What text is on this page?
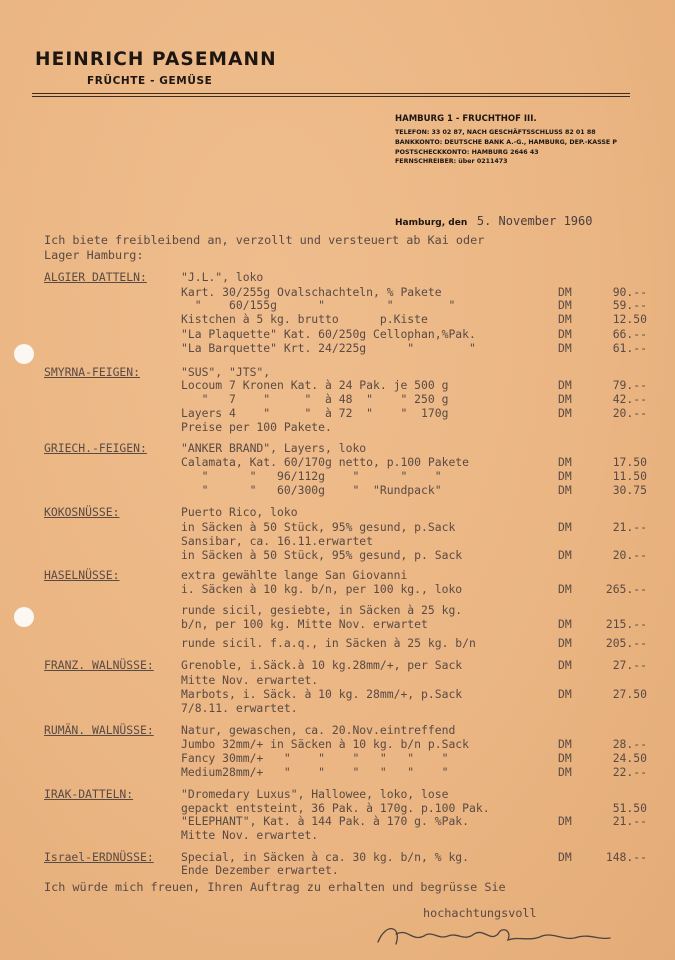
HEINRICH PASEMANN
FRÜCHTE - GEMÜSE
HAMBURG 1 - FRUCHTHOF III.
TELEFON: 33 02 87, NACH GESCHÄFTSSCHLUSS 82 01 88
BANKKONTO: DEUTSCHE BANK A.-G., HAMBURG, DEP.-KASSE P
POSTSCHECKKONTO: HAMBURG 2646 43
FERNSCHREIBER: über 0211473
Hamburg, den 5. November 1960
Ich biete freibleibend an, verzollt und versteuert ab Kai oder
Lager Hamburg:
ALGIER DATTELN:	"J.L.", loko
Kart. 30/255g Ovalschachteln, % Pakete	DM	90.--
"    60/155g      "         "        "	DM	59.--
Kistchen à 5 kg. brutto      p.Kiste	DM	12.50
"La Plaquette" Kat. 60/250g Cellophan,%Pak.	DM	66.--
"La Barquette" Krt. 24/225g      "        "	DM	61.--
SMYRNA-FEIGEN:	"SUS", "JTS",
Locoum 7 Kronen Kat. à 24 Pak. je 500 g	DM	79.--
"   7    "     "  à 48  "    " 250 g	DM	42.--
Layers 4    "     "  à 72  "    "  170g	DM	20.--
Preise per 100 Pakete.
GRIECH.-FEIGEN:	"ANKER BRAND", Layers, loko
Calamata, Kat. 60/170g netto, p.100 Pakete	DM	17.50
"      "   96/112g    "      "    "	DM	11.50
"      "   60/300g    "  "Rundpack"	DM	30.75
KOKOSNÜSSE:	Puerto Rico, loko
in Säcken à 50 Stück, 95% gesund, p.Sack	DM	21.--
Sansibar, ca. 16.11.erwartet
in Säcken à 50 Stück, 95% gesund, p. Sack	DM	20.--
HASELNÜSSE:	extra gewählte lange San Giovanni
i. Säcken à 10 kg. b/n, per 100 kg., loko	DM	265.--
runde sicil, gesiebte, in Säcken à 25 kg.
b/n, per 100 kg. Mitte Nov. erwartet	DM	215.--
runde sicil. f.a.q., in Säcken à 25 kg. b/n	DM	205.--
FRANZ. WALNÜSSE: Grenoble, i.Säck.à 10 kg.28mm/+, per Sack	DM	27.--
Mitte Nov. erwartet.
Marbots, i. Säck. à 10 kg. 28mm/+, p.Sack	DM	27.50
7/8.11. erwartet.
RUMÄN. WALNÜSSE: Natur, gewaschen, ca. 20.Nov.eintreffend
Jumbo 32mm/+ in Säcken à 10 kg. b/n p.Sack	DM	28.--
Fancy 30mm/+   "    "    "   "   "    "	DM	24.50
Medium28mm/+   "    "    "   "   "    "	DM	22.--
IRAK-DATTELN:	"Dromedary Luxus", Hallowee, loko, lose
gepackt entsteint, 36 Pak. à 170g. p.100 Pak.	51.50
"ELEPHANT", Kat. à 144 Pak. à 170 g. %Pak.	DM	21.--
Mitte Nov. erwartet.
Israel-ERDNÜSSE: Special, in Säcken à ca. 30 kg. b/n, % kg.	DM	148.--
Ende Dezember erwartet.
Ich würde mich freuen, Ihren Auftrag zu erhalten und begrüsse Sie
hochachtungsvoll
